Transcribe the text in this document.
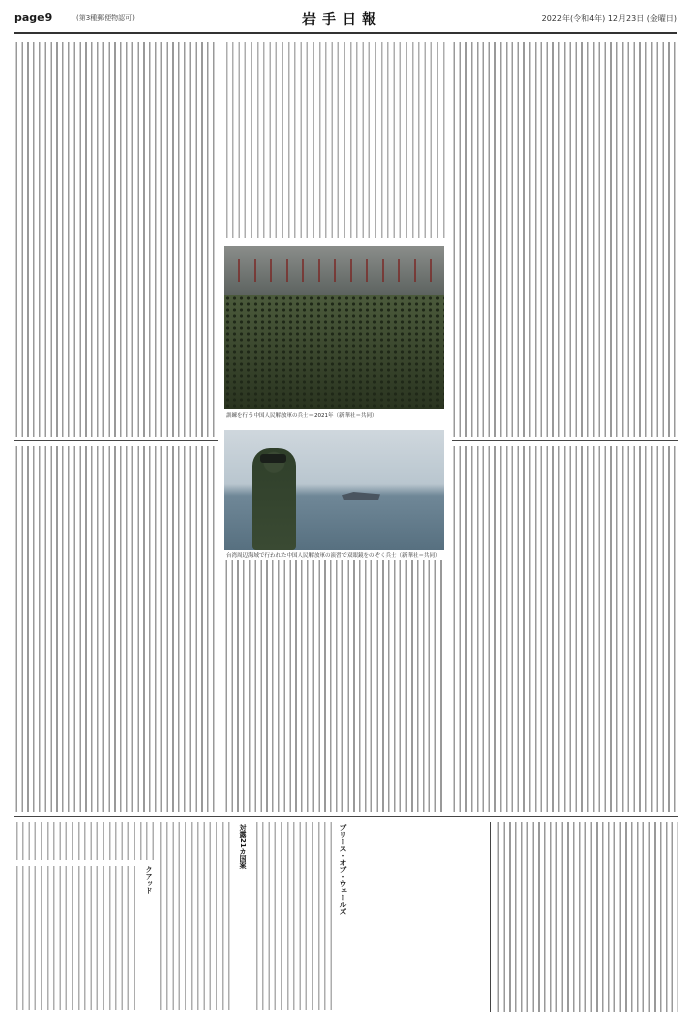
page9	(第3種郵便物認可)	岩手日報	2022年(令和4年) 12月23日 (金曜日)
訓練を行う中国人民解放軍の兵士＝2021年（新華社＝共同）
台湾周辺海域で行われた中国人民解放軍の演習で双眼鏡をのぞく兵士（新華社＝共同）
プリース・オブ・ウェールズ
対露21カ国案
クアッド
